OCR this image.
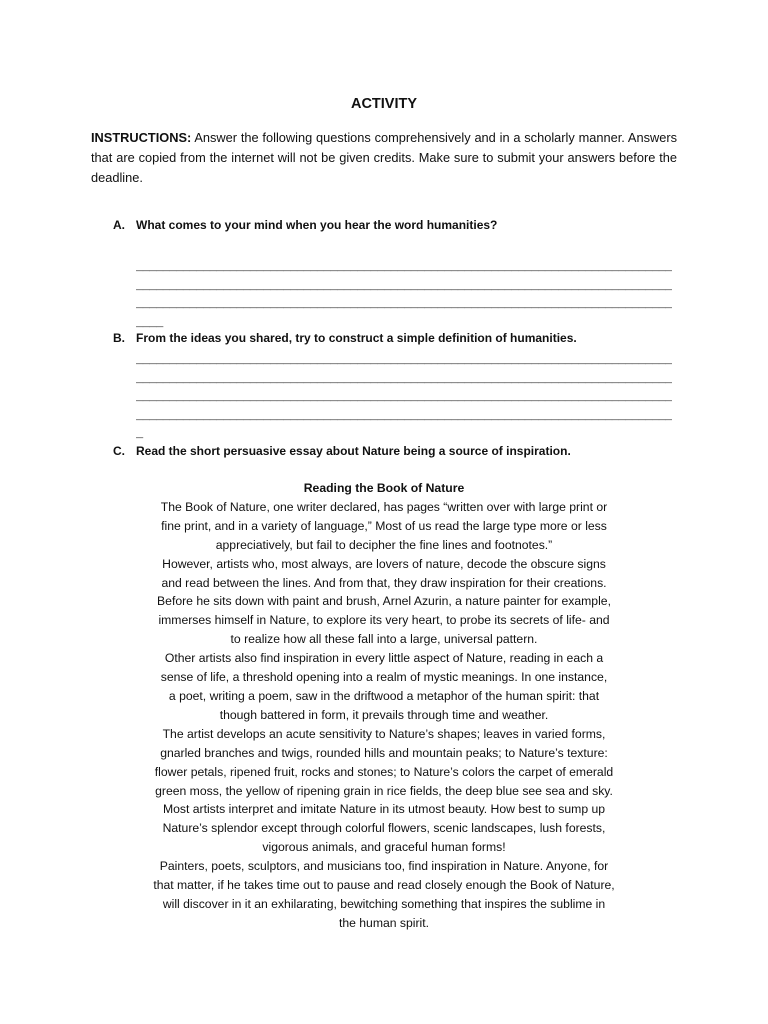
ACTIVITY
INSTRUCTIONS: Answer the following questions comprehensively and in a scholarly manner. Answers that are copied from the internet will not be given credits. Make sure to submit your answers before the deadline.
A. What comes to your mind when you hear the word humanities?
________________________________________________________________________________
________________________________________________________________________________
________________________________________________________________________________
____
B. From the ideas you shared, try to construct a simple definition of humanities.
________________________________________________________________________________
________________________________________________________________________________
________________________________________________________________________________
________________________________________________________________________________
_
C. Read the short persuasive essay about Nature being a source of inspiration.
Reading the Book of Nature
The Book of Nature, one writer declared, has pages “written over with large print or
fine print, and in a variety of language,” Most of us read the large type more or less
appreciatively, but fail to decipher the fine lines and footnotes.”
However, artists who, most always, are lovers of nature, decode the obscure signs
and read between the lines. And from that, they draw inspiration for their creations.
Before he sits down with paint and brush, Arnel Azurin, a nature painter for example,
immerses himself in Nature, to explore its very heart, to probe its secrets of life- and
to realize how all these fall into a large, universal pattern.
Other artists also find inspiration in every little aspect of Nature, reading in each a
sense of life, a threshold opening into a realm of mystic meanings. In one instance,
a poet, writing a poem, saw in the driftwood a metaphor of the human spirit: that
though battered in form, it prevails through time and weather.
The artist develops an acute sensitivity to Nature’s shapes; leaves in varied forms,
gnarled branches and twigs, rounded hills and mountain peaks; to Nature’s texture:
flower petals, ripened fruit, rocks and stones; to Nature’s colors the carpet of emerald
green moss, the yellow of ripening grain in rice fields, the deep blue see sea and sky.
Most artists interpret and imitate Nature in its utmost beauty. How best to sump up
Nature’s splendor except through colorful flowers, scenic landscapes, lush forests,
vigorous animals, and graceful human forms!
Painters, poets, sculptors, and musicians too, find inspiration in Nature. Anyone, for
that matter, if he takes time out to pause and read closely enough the Book of Nature,
will discover in it an exhilarating, bewitching something that inspires the sublime in
the human spirit.
